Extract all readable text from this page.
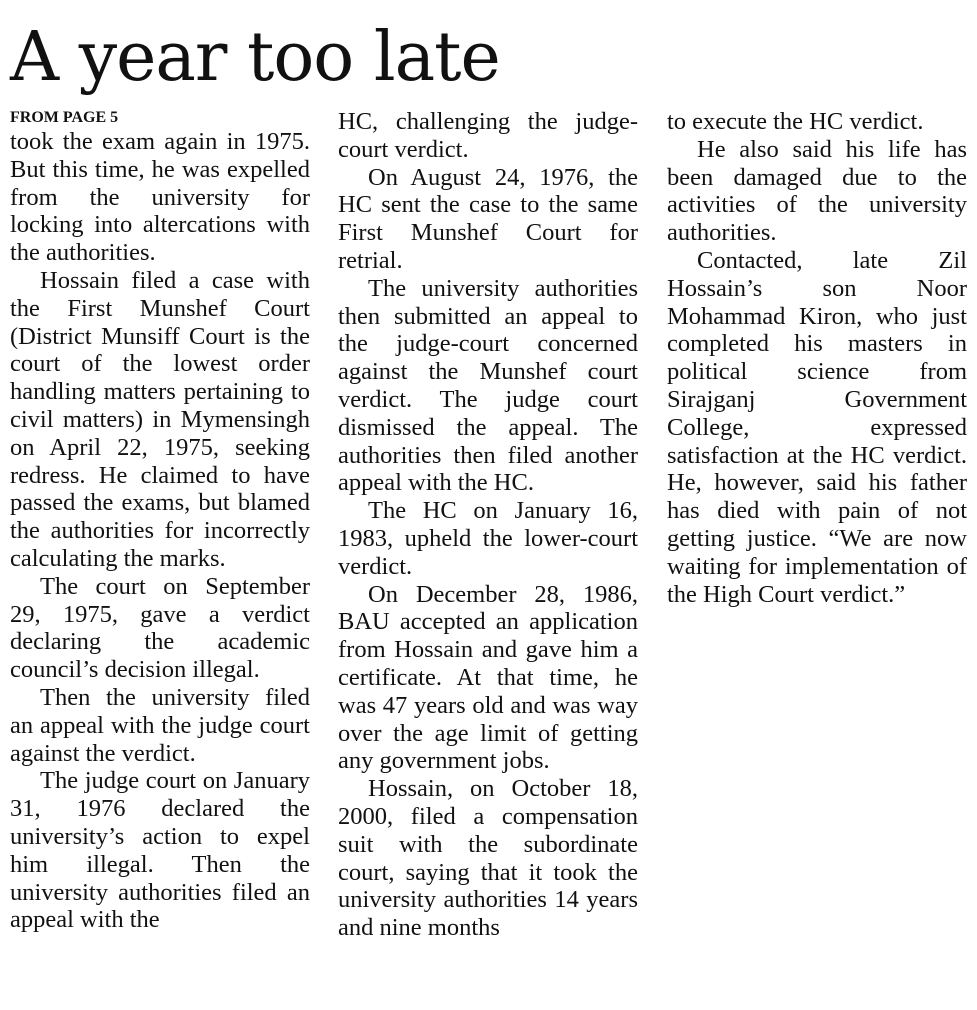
A year too late
FROM PAGE 5

took the exam again in 1975. But this time, he was expelled from the university for locking into altercations with the authorities.

Hossain filed a case with the First Munshef Court (District Munsiff Court is the court of the lowest order handling matters pertaining to civil matters) in Mymensingh on April 22, 1975, seeking redress. He claimed to have passed the exams, but blamed the authorities for incorrectly calculating the marks.

The court on September 29, 1975, gave a verdict declaring the academic council’s decision illegal.

Then the university filed an appeal with the judge court against the verdict.

The judge court on January 31, 1976 declared the university’s action to expel him illegal. Then the university authorities filed an appeal with the

HC, challenging the judge-court verdict.

On August 24, 1976, the HC sent the case to the same First Munshef Court for retrial.

The university authorities then submitted an appeal to the judge-court concerned against the Munshef court verdict. The judge court dismissed the appeal. The authorities then filed another appeal with the HC.

The HC on January 16, 1983, upheld the lower-court verdict.

On December 28, 1986, BAU accepted an application from Hossain and gave him a certificate. At that time, he was 47 years old and was way over the age limit of getting any government jobs.

Hossain, on October 18, 2000, filed a compensation suit with the subordinate court, saying that it took the university authorities 14 years and nine months

to execute the HC verdict.

He also said his life has been damaged due to the activities of the university authorities.

Contacted, late Zil Hossain’s son Noor Mohammad Kiron, who just completed his masters in political science from Sirajganj Government College, expressed satisfaction at the HC verdict. He, however, said his father has died with pain of not getting justice. “We are now waiting for implementation of the High Court verdict.”
